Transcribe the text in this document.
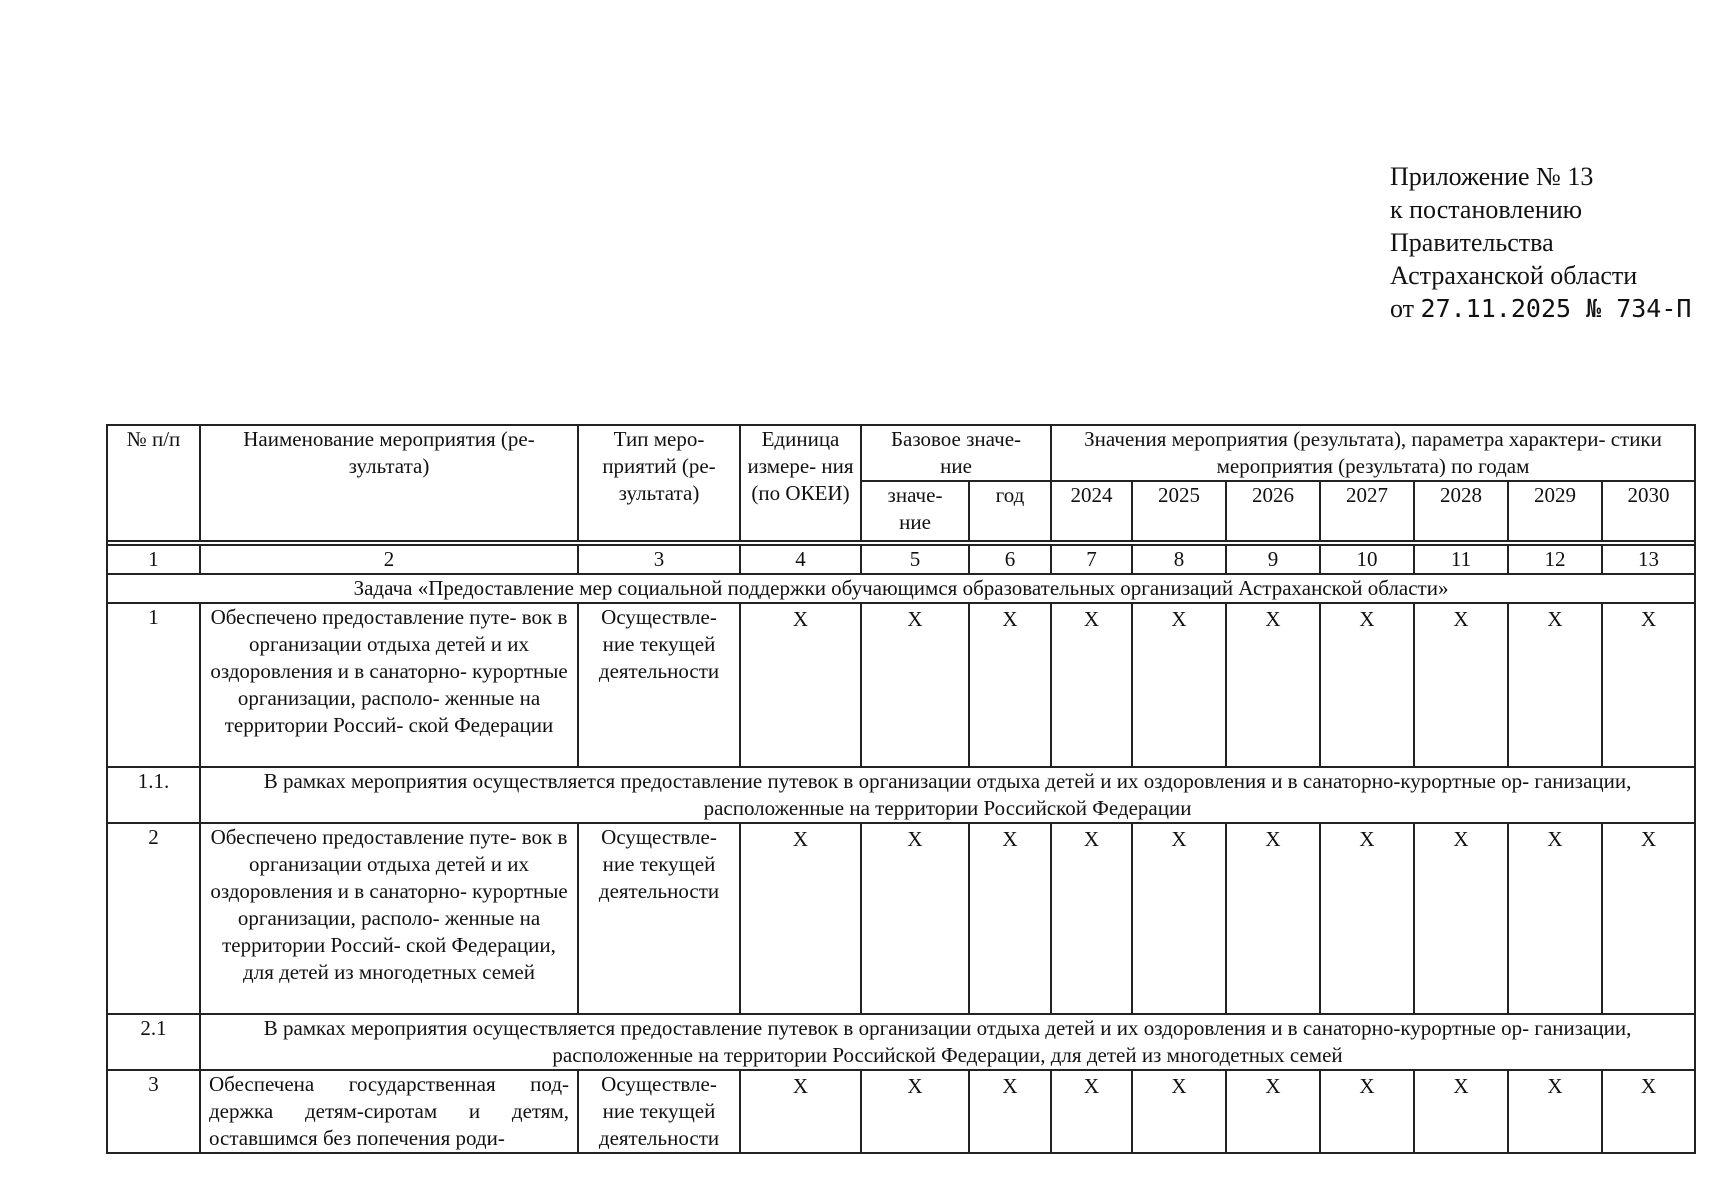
Приложение № 13
к постановлению
Правительства
Астраханской области
от 27.11.2025 № 734-П
№ п/п	Наименование мероприятия (ре- зультата)	Тип меро- приятий (ре- зультата)	Единица измере- ния (по ОКЕИ)	Базовое значе- ние		Значения мероприятия (результата), параметра характери- стики мероприятия (результата) по годам						
				значе- ние	год	2024	2025	2026	2027	2028	2029	2030

1	2	3	4	5	6	7	8	9	10	11	12	13
Задача «Предоставление мер социальной поддержки обучающимся образовательных организаций Астраханской области»												
1	Обеспечено предоставление путе- вок в организации отдыха детей и их оздоровления и в санаторно- курортные организации, располо- женные на территории Россий- ской Федерации	Осуществле- ние текущей деятельности	X	X	X	X	X	X	X	X	X	X
1.1.	В рамках мероприятия осуществляется предоставление путевок в организации отдыха детей и их оздоровления и в санаторно-курортные ор- ганизации, расположенные на территории Российской Федерации											
2	Обеспечено предоставление путе- вок в организации отдыха детей и их оздоровления и в санаторно- курортные организации, располо- женные на территории Россий- ской Федерации, для детей из многодетных семей	Осуществле- ние текущей деятельности	X	X	X	X	X	X	X	X	X	X
2.1	В рамках мероприятия осуществляется предоставление путевок в организации отдыха детей и их оздоровления и в санаторно-курортные ор- ганизации, расположенные на территории Российской Федерации, для детей из многодетных семей											
3	Обеспечена государственная под- держка детям-сиротам и детям, оставшимся без попечения роди-	Осуществле- ние текущей деятельности	X	X	X	X	X	X	X	X	X	X
